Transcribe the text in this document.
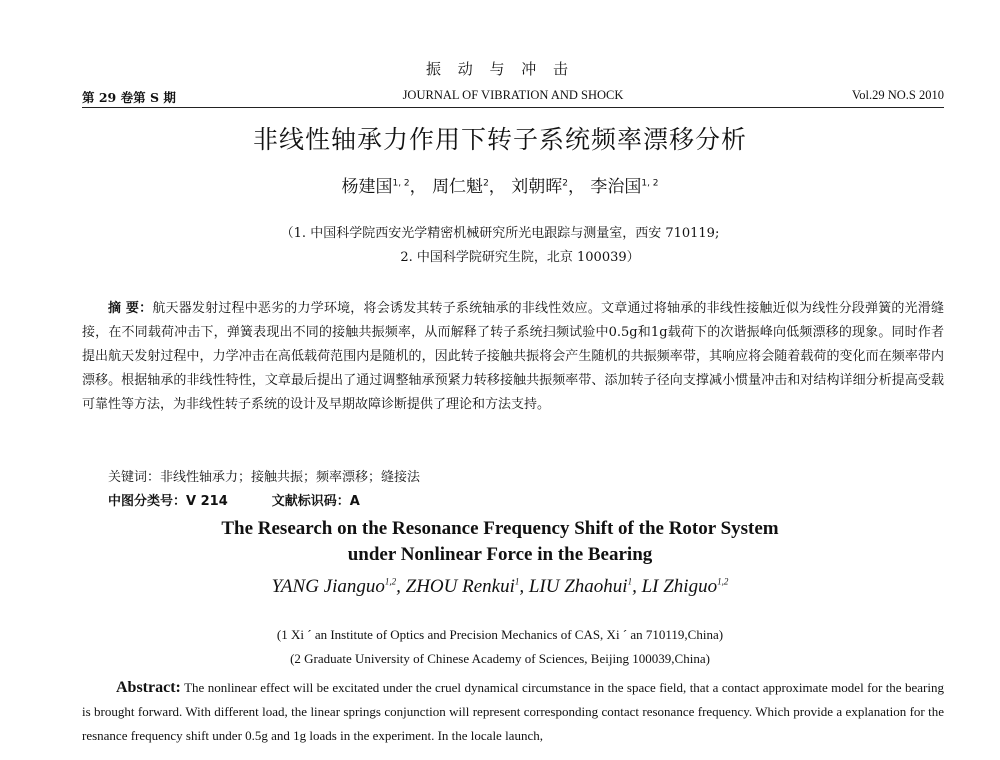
振 动 与 冲 击
第 29 卷第 S 期	JOURNAL OF VIBRATION AND SHOCK	Vol.29 NO.S 2010
非线性轴承力作用下转子系统频率漂移分析
杨建国$^{1, 2}$， 周仁魁$^2$， 刘朝晖$^2$， 李治国$^{1, 2}$
（1. 中国科学院西安光学精密机械研究所光电跟踪与测量室，西安 710119;
2. 中国科学院研究生院，北京 100039）
摘 要：航天器发射过程中恶劣的力学环境，将会诱发其转子系统轴承的非线性效应。文章通过将轴承的非线性接触近似为线性分段弹簧的光滑缝接，在不同载荷冲击下，弹簧表现出不同的接触共振频率，从而解释了转子系统扫频试验中0.5g和1g载荷下的次谐振峰向低频漂移的现象。同时作者提出航天发射过程中，力学冲击在高低载荷范围内是随机的，因此转子接触共振将会产生随机的共振频率带，其响应将会随着载荷的变化而在频率带内漂移。根据轴承的非线性特性，文章最后提出了通过调整轴承预紧力转移接触共振频率带、添加转子径向支撑减小惯量冲击和对结构详细分析提高受载可靠性等方法，为非线性转子系统的设计及早期故障诊断提供了理论和方法支持。
关键词：非线性轴承力；接触共振；频率漂移；缝接法
中图分类号：V 214	文献标识码：A
The Research on the Resonance Frequency Shift of the Rotor System
under Nonlinear Force in the Bearing
YANG Jianguo$^{1,2}$, ZHOU Renkui$^1$, LIU Zhaohui$^1$, LI Zhiguo$^{1,2}$
(1 Xi ´ an Institute of Optics and Precision Mechanics of CAS, Xi ´ an 710119,China)
(2 Graduate University of Chinese Academy of Sciences, Beijing 100039,China)
Abstract: The nonlinear effect will be excitated under the cruel dynamical circumstance in the space field, that a contact approximate model for the bearing is brought forward. With different load, the linear springs conjunction will represent corresponding contact resonance frequency. Which provide a explanation for the resnance frequency shift under 0.5g and 1g loads in the experiment. In the locale launch,
